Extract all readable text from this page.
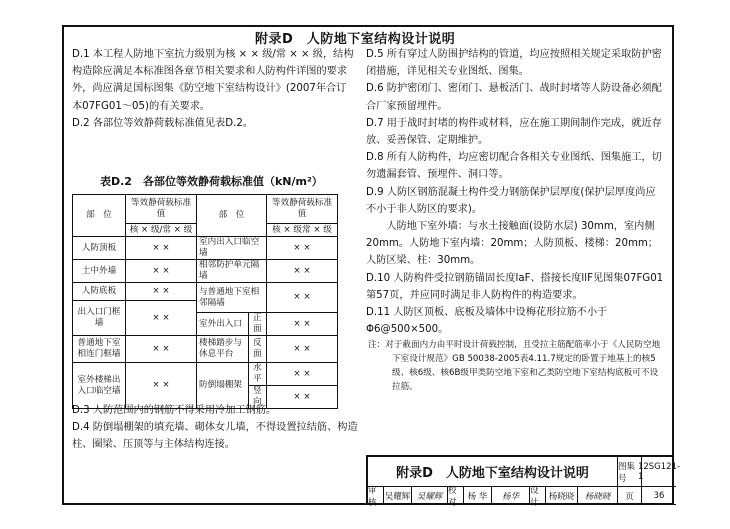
附录D　人防地下室结构设计说明

D.1 本工程人防地下室抗力级别为核 × × 级/常 × × 级，结构构造除应满足本标准图各章节相关要求和人防构件详图的要求外，尚应满足国标图集《防空地下室结构设计》(2007年合订本07FG01～05)的有关要求。

D.2 各部位等效静荷载标准值见表D.2。

表D.2　各部位等效静荷载标准值（kN/m²）
部　位	等效静荷载标准值	部　位		等效静荷载标准值
	核 × 级/常 × 级			核 × 级常 × 级
人防顶板	× ×	室内出入口临空墙		× ×
土中外墙	× ×	相邻防护单元隔墙		× ×
人防底板	× ×	与普通地下室相邻隔墙		× ×
出入口门框墙	× ×			
		室外出入口	正面	× ×
普通地下室相连门框墙	× ×	楼梯踏步与休息平台	反面	× ×
室外楼梯出入口临空墙	× ×	防倒塌棚架	水平	× ×
			竖向	× ×

D.3 人防范围内的钢筋不得采用冷加工钢筋。

D.4 防倒塌棚架的填充墙、砌体女儿墙，不得设置拉结筋、构造柱、圈梁、压顶等与主体结构连接。

D.5 所有穿过人防围护结构的管道，均应按照相关规定采取防护密闭措施，详见相关专业图纸、图集。

D.6 防护密闭门、密闭门、悬板活门、战时封堵等人防设备必须配合厂家预留埋件。

D.7 用于战时封堵的构件或材料，应在施工期间制作完成，就近存放、妥善保管、定期维护。

D.8 所有人防构件，均应密切配合各相关专业图纸、图集施工，切勿遗漏套管、预埋件、洞口等。

D.9 人防区钢筋混凝土构件受力钢筋保护层厚度(保护层厚度尚应不小于非人防区的要求)。

人防地下室外墙：与水土接触面(设防水层) 30mm，室内侧20mm。人防地下室内墙：20mm；人防顶板、楼梯：20mm；人防区梁、柱：30mm。

D.10 人防构件受拉钢筋锚固长度laF、搭接长度llF见图集07FG01第57页，并应同时满足非人防构件的构造要求。

D.11 人防区顶板、底板及墙体中设梅花形拉筋不小于Φ6@500×500。

注：对于截面内力由平时设计荷载控制，且受拉主筋配筋率小于《人民防空地下室设计规范》GB 50038-2005表4.11.7规定的卧置于地基上的核5级、核6级、核6B级甲类防空地下室和乙类防空地下室结构底板可不设拉筋。

附录D　人防地下室结构设计说明	图集号
12SG121-1
审核
吴耀辉 吴耀辉
校对
杨 华	杨华
设计
杨晓晓	杨晓晓	页	36
